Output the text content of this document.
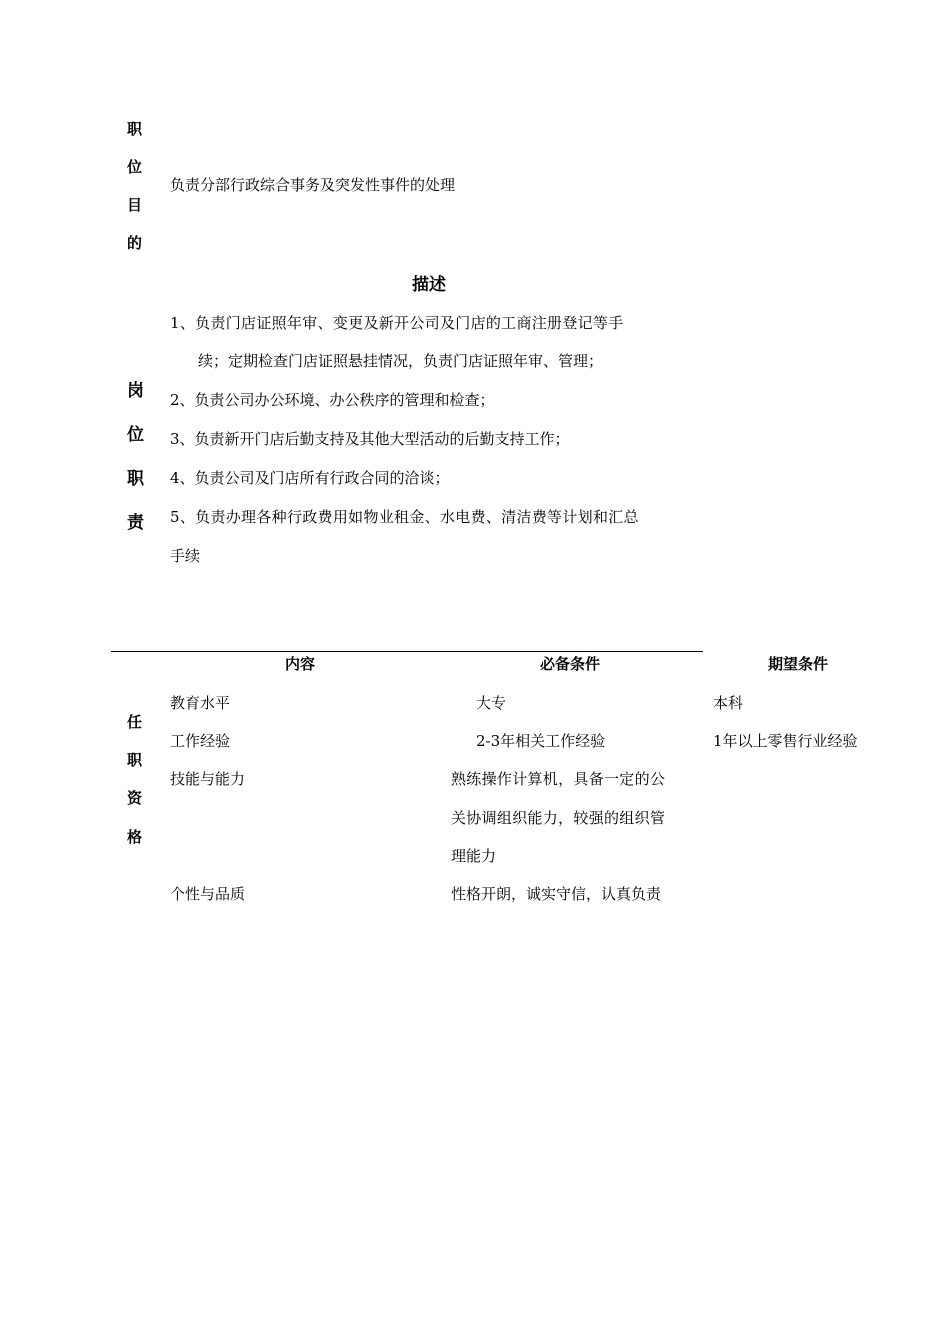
职
位
目
的
负责分部行政综合事务及突发性事件的处理
描述
岗
位
职
责
1、负责门店证照年审、变更及新开公司及门店的工商注册登记等手
续；定期检查门店证照悬挂情况，负责门店证照年审、管理；
2、负责公司办公环境、办公秩序的管理和检查；
3、负责新开门店后勤支持及其他大型活动的后勤支持工作；
4、负责公司及门店所有行政合同的洽谈；
5、负责办理各种行政费用如物业租金、水电费、清洁费等计划和汇总
手续
内容	必备条件	期望条件
任
职
资
格
教育水平	大专	本科
工作经验	2-3年相关工作经验	1年以上零售行业经验
技能与能力	熟练操作计算机，具备一定的公
关协调组织能力，较强的组织管
理能力
个性与品质	性格开朗，诚实守信，认真负责
